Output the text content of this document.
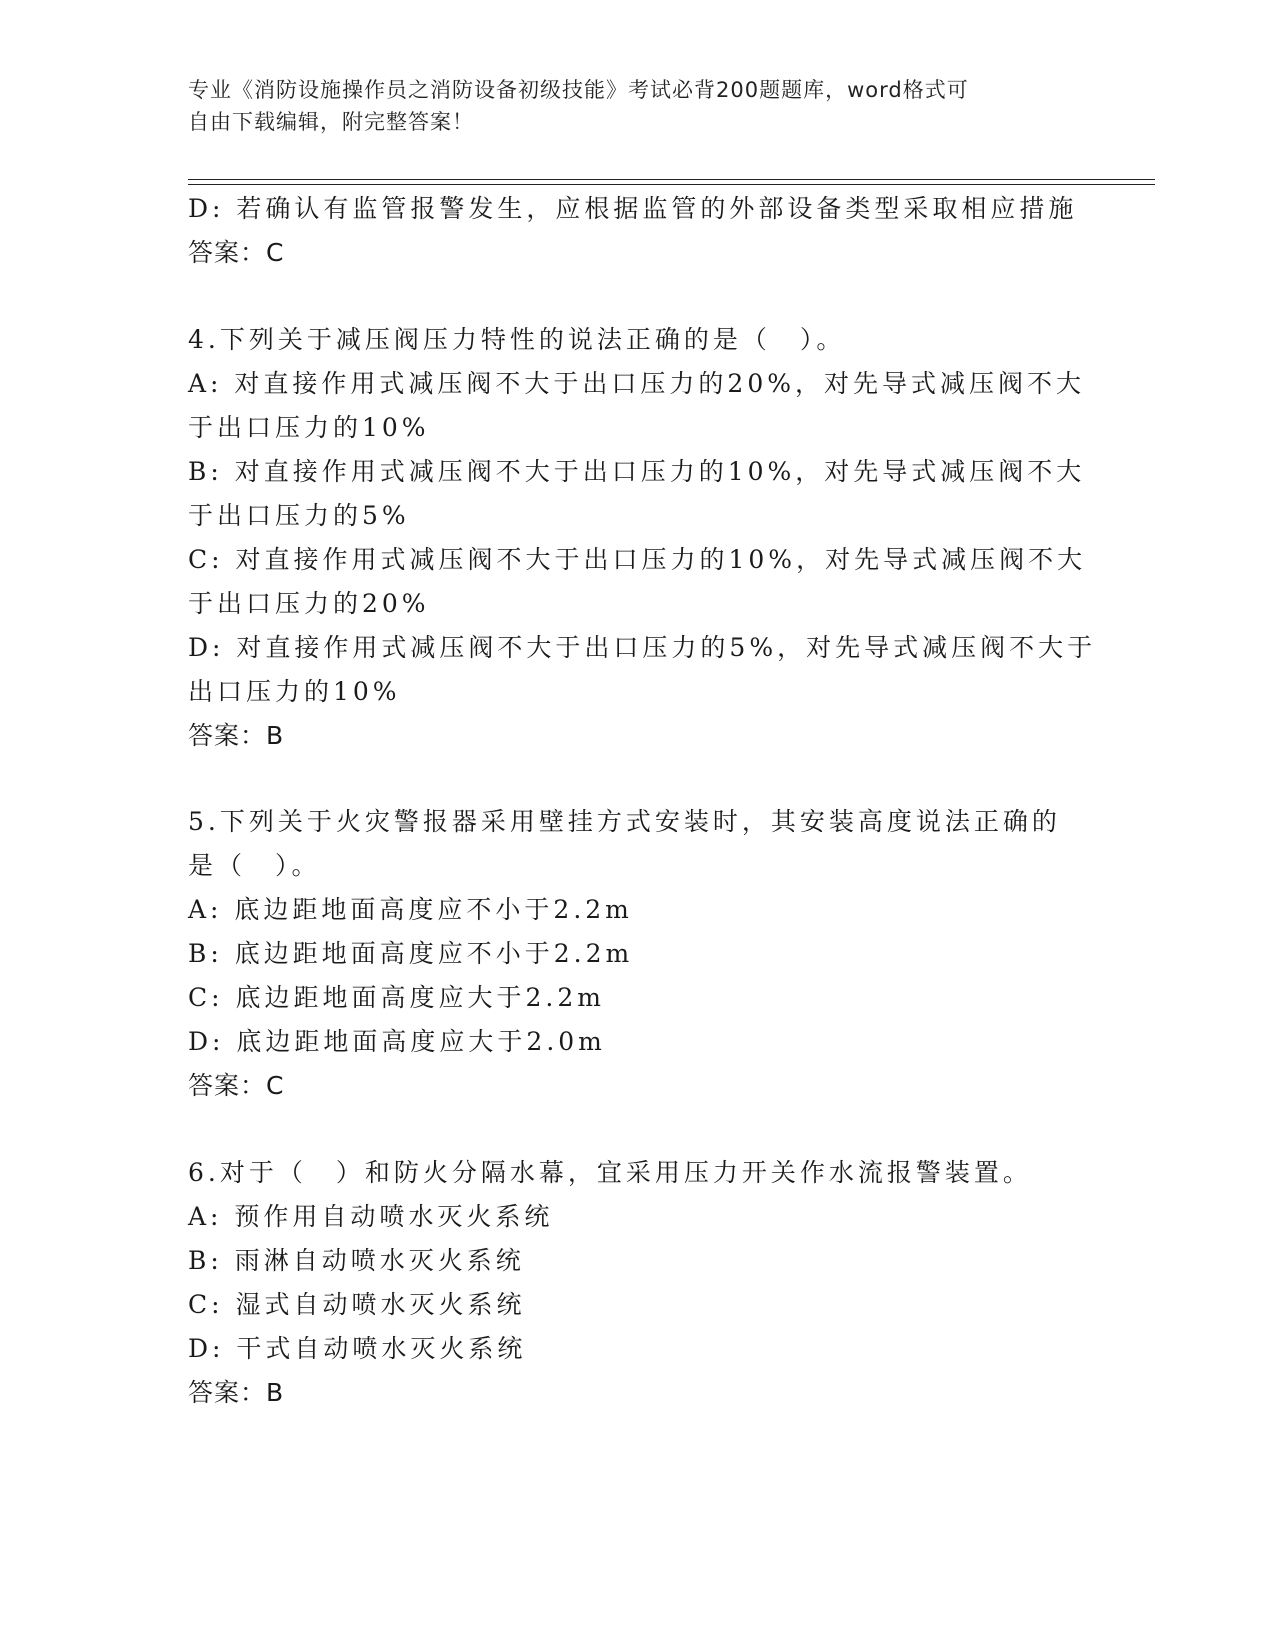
专业《消防设施操作员之消防设备初级技能》考试必背200题题库，word格式可
自由下载编辑，附完整答案！
D: 若确认有监管报警发生，应根据监管的外部设备类型采取相应措施
答案：C
4.下列关于减压阀压力特性的说法正确的是（　）。
A: 对直接作用式减压阀不大于出口压力的20%，对先导式减压阀不大
于出口压力的10%
B: 对直接作用式减压阀不大于出口压力的10%，对先导式减压阀不大
于出口压力的5%
C: 对直接作用式减压阀不大于出口压力的10%，对先导式减压阀不大
于出口压力的20%
D: 对直接作用式减压阀不大于出口压力的5%，对先导式减压阀不大于
出口压力的10%
答案：B
5.下列关于火灾警报器采用壁挂方式安装时，其安装高度说法正确的
是（　）。
A: 底边距地面高度应不小于2.2m
B: 底边距地面高度应不小于2.2m
C: 底边距地面高度应大于2.2m
D: 底边距地面高度应大于2.0m
答案：C
6.对于（　）和防火分隔水幕，宜采用压力开关作水流报警装置。
A: 预作用自动喷水灭火系统
B: 雨淋自动喷水灭火系统
C: 湿式自动喷水灭火系统
D: 干式自动喷水灭火系统
答案：B
